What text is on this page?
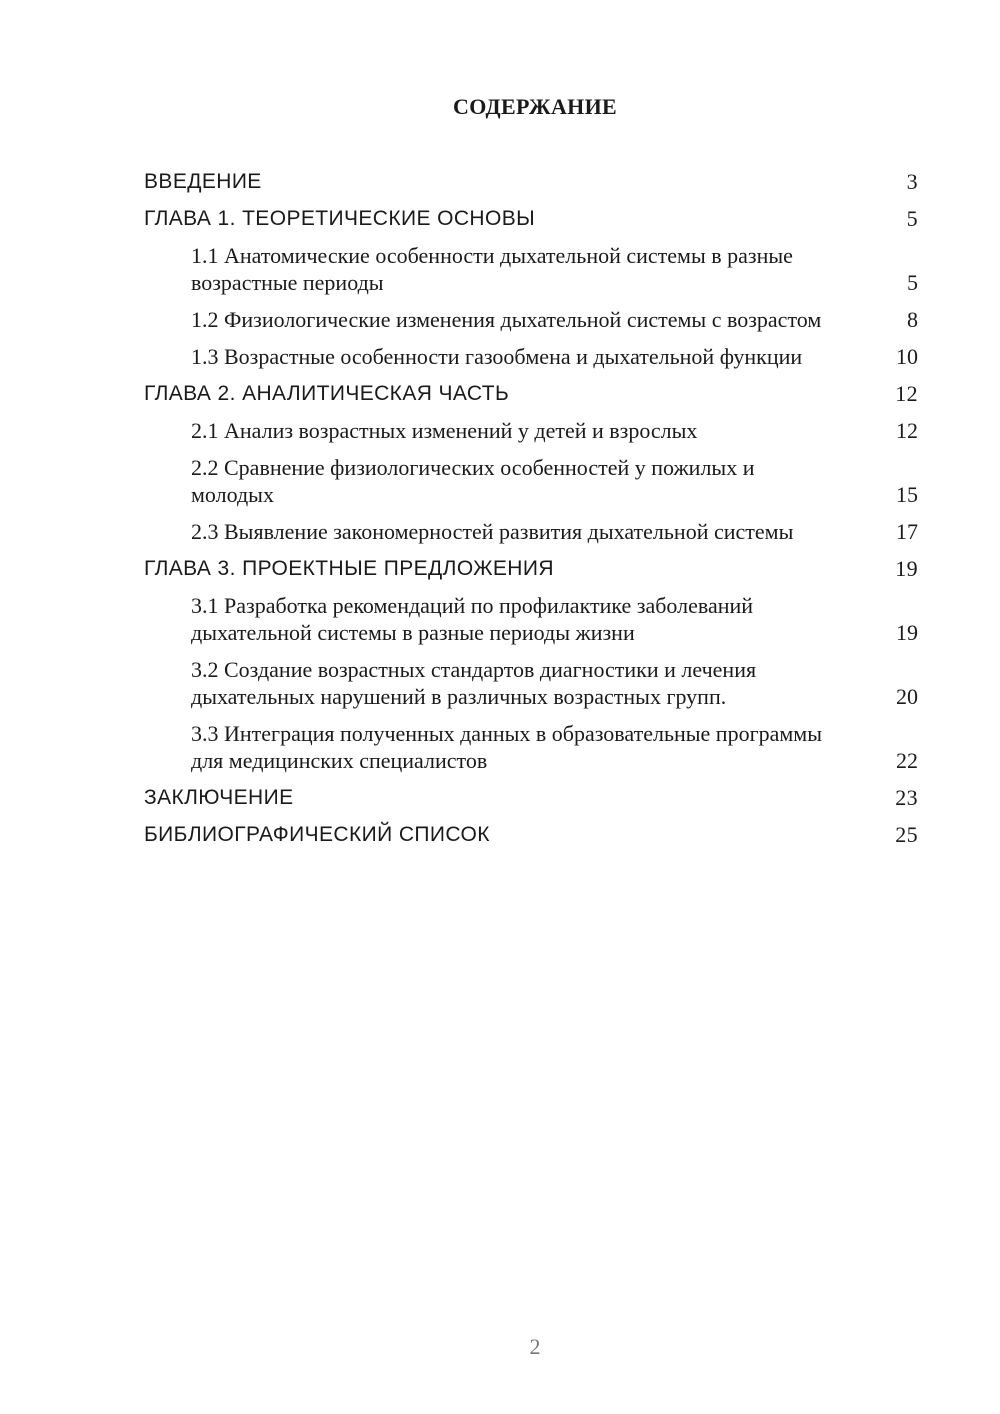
СОДЕРЖАНИЕ
ВВЕДЕНИЕ	3
ГЛАВА 1. ТЕОРЕТИЧЕСКИЕ ОСНОВЫ	5
1.1 Анатомические особенности дыхательной системы в разные возрастные периоды	5
1.2 Физиологические изменения дыхательной системы с возрастом	8
1.3 Возрастные особенности газообмена и дыхательной функции	10
ГЛАВА 2. АНАЛИТИЧЕСКАЯ ЧАСТЬ	12
2.1 Анализ возрастных изменений у детей и взрослых	12
2.2 Сравнение физиологических особенностей у пожилых и молодых	15
2.3 Выявление закономерностей развития дыхательной системы	17
ГЛАВА 3. ПРОЕКТНЫЕ ПРЕДЛОЖЕНИЯ	19
3.1 Разработка рекомендаций по профилактике заболеваний дыхательной системы в разные периоды жизни	19
3.2 Создание возрастных стандартов диагностики и лечения дыхательных нарушений в различных возрастных групп.	20
3.3 Интеграция полученных данных в образовательные программы для медицинских специалистов	22
ЗАКЛЮЧЕНИЕ	23
БИБЛИОГРАФИЧЕСКИЙ СПИСОК	25
2
